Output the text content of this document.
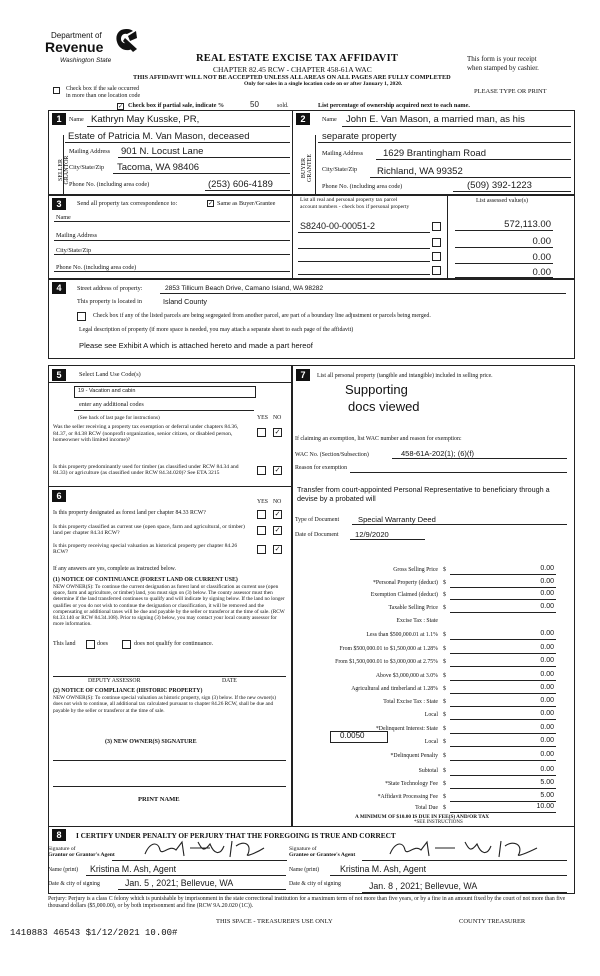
Department of
Revenue
Washington State	REAL ESTATE EXCISE TAX AFFIDAVIT
CHAPTER 82.45 RCW - CHAPTER 458-61A WAC
THIS AFFIDAVIT WILL NOT BE ACCEPTED UNLESS ALL AREAS ON ALL PAGES ARE FULLY COMPLETED
Only for sales in a single location code on or after January 1, 2020.
This form is your receipt
when stamped by cashier.
PLEASE TYPE OR PRINT
Check box if the sale occurred
in more than one location code
✓ Check box if partial sale, indicate %	50	sold.	List percentage of ownership acquired next to each name.
1	2
SELLER GRANTOR
Name Kathryn May Kusske, PR,
Estate of Patricia M. Van Mason, deceased
Mailing Address 901 N. Locust Lane
City/State/Zip Tacoma, WA 98406
Phone No. (including area code)	(253) 606-4189
BUYER GRANTEE
Name John E. Van Mason, a married man, as his
separate property
Mailing Address 1629 Brantingham Road
City/State/Zip Richland, WA 99352
Phone No. (including area code)	(509) 392-1223
3	Send all property tax correspondence to:	✓ Same as Buyer/Grantee	List all real and personal property tax parcel
account numbers - check box if personal property
List assessed value(s)
Name
Mailing Address
City/State/Zip
Phone No. (including area code)
S8240-00-00051-2	572,113.00
0.00
0.00
0.00
4	Street address of property:	2853 Tillicum Beach Drive, Camano Island, WA 98282
This property is located in	Island County
Check box if any of the listed parcels are being segregated from another parcel, are part of a boundary line adjustment or parcels being merged.
Legal description of property (if more space is needed, you may attach a separate sheet to each page of the affidavit)
Please see Exhibit A which is attached hereto and made a part hereof
5	Select Land Use Code(s)
19 - Vacation and cabin
enter any additional codes
(See back of last page for instructions)	YES NO
Was the seller receiving a property tax exemption or deferral under chapters 84.36, 84.37, or 84.38 RCW (nonprofit organization, senior citizen, or disabled person, homeowner with limited income)?
✓
Is this property predominantly used for timber (as classified under RCW 84.34 and 84.33) or agriculture (as classified under RCW 84.34.020)? See ETA 3215	✓
6
YES NO
Is this property designated as forest land per chapter 84.33 RCW?	✓
Is this property classified as current use (open space, farm and agricultural, or timber) land per chapter 84.34 RCW?	✓
Is this property receiving special valuation as historical property per chapter 84.26 RCW?	✓
If any answers are yes, complete as instructed below.
(1) NOTICE OF CONTINUANCE (FOREST LAND OR CURRENT USE)
NEW OWNER(S): To continue the current designation as forest land or classification as current use (open space, farm and agriculture, or timber) land, you must sign on (3) below. The county assessor must then determine if the land transferred continues to qualify and will indicate by signing below. If the land no longer qualifies or you do not wish to continue the designation or classification, it will be removed and the compensating or additional taxes will be due and payable by the seller or transferor at the time of sale. (RCW 84.33.140 or RCW 84.34.108). Prior to signing (3) below, you may contact your local county assessor for more information.
This land	does	does not qualify for continuance.
DEPUTY ASSESSOR	DATE
(2) NOTICE OF COMPLIANCE (HISTORIC PROPERTY)
NEW OWNER(S): To continue special valuation as historic property, sign (3) below. If the new owner(s) does not wish to continue, all additional tax calculated pursuant to chapter 84.26 RCW, shall be due and payable by the seller or transferor at the time of sale.
(3) NEW OWNER(S) SIGNATURE
PRINT NAME
7	List all personal property (tangible and intangible) included in selling price.
Supporting
docs viewed
If claiming an exemption, list WAC number and reason for exemption:
WAC No. (Section/Subsection)	458-61A-202(1); (6)(f)
Reason for exemption
Transfer from court-appointed Personal Representative to beneficiary through a devise by a probated will
Type of Document Special Warranty Deed
Date of Document 12/9/2020
Gross Selling Price $	0.00
*Personal Property (deduct) $	0.00
Exemption Claimed (deduct) $	0.00
Taxable Selling Price $	0.00
Excise Tax : State
Less than $500,000.01 at 1.1% $	0.00
From $500,000.01 to $1,500,000 at 1.28% $	0.00
From $1,500,000.01 to $3,000,000 at 2.75% $	0.00
Above $3,000,000 at 3.0% $	0.00
Agricultural and timberland at 1.28% $	0.00
Total Excise Tax : State $	0.00
Local $	0.00
*Delinquent Interest: State $	0.00
Local $	0.00
*Delinquent Penalty $	0.00
Subtotal $	0.00
*State Technology Fee $	5.00
*Affidavit Processing Fee $	5.00
Total Due $	10.00
0.0050
A MINIMUM OF $10.00 IS DUE IN FEE(S) AND/OR TAX
*SEE INSTRUCTIONS
8	I CERTIFY UNDER PENALTY OF PERJURY THAT THE FOREGOING IS TRUE AND CORRECT
Signature of
Grantor or Grantor's Agent
Signature of
Grantee or Grantee's Agent
Name (print) Kristina M. Ash, Agent	Name (print) Kristina M. Ash, Agent
Date & city of signing	Jan. 5 , 2021; Bellevue, WA	Date & city of signing	Jan. 8 , 2021; Bellevue, WA
Perjury: Perjury is a class C felony which is punishable by imprisonment in the state correctional institution for a maximum term of not more than five years, or by a fine in an amount fixed by the court of not more than five thousand dollars ($5,000.00), or by both imprisonment and fine (RCW 9A.20.020 (1C)).
1410883 46543 $1/12/2021 10.00#
THIS SPACE - TREASURER'S USE ONLY	COUNTY TREASURER
